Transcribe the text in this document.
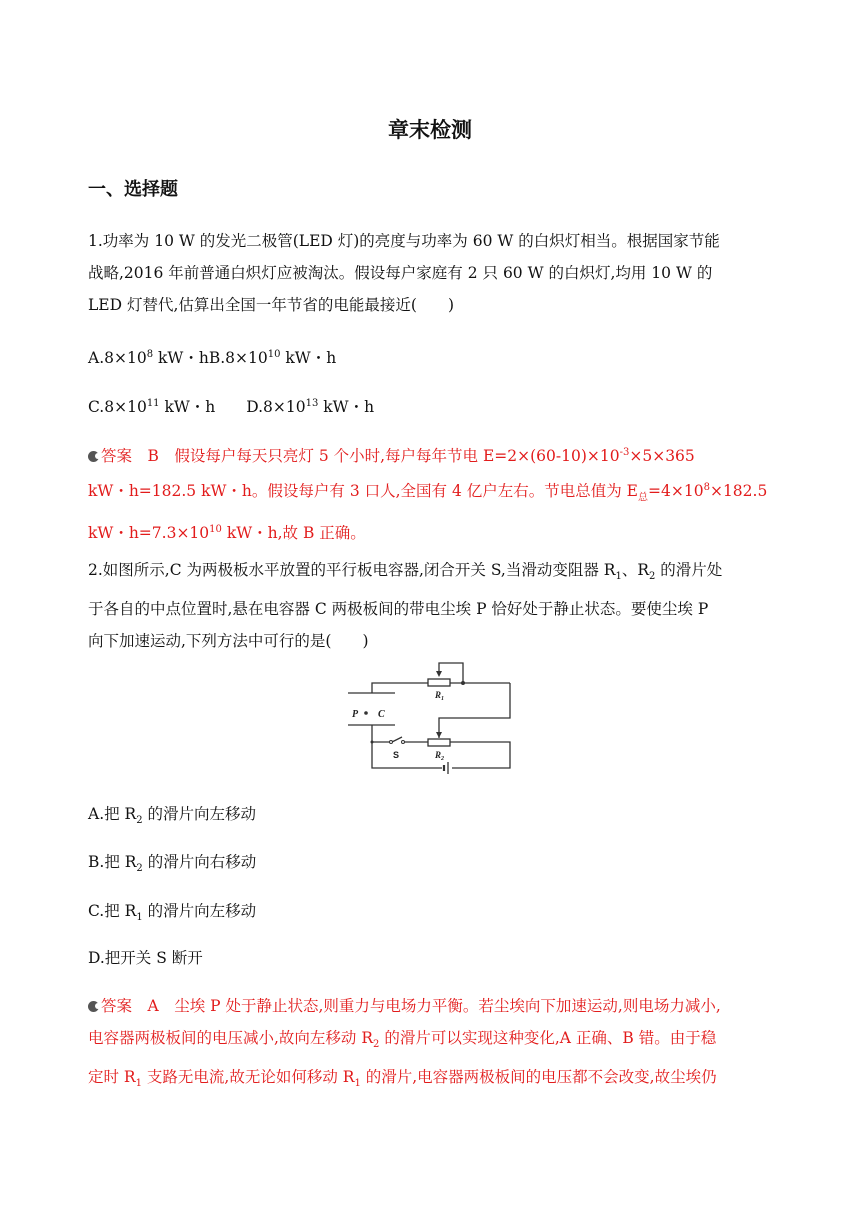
章末检测
一、选择题
1.功率为 10 W 的发光二极管(LED 灯)的亮度与功率为 60 W 的白炽灯相当。根据国家节能
战略,2016 年前普通白炽灯应被淘汰。假设每户家庭有 2 只 60 W 的白炽灯,均用 10 W 的
LED 灯替代,估算出全国一年节省的电能最接近(　　)
$A.8\times 10^8$ kW・$hB.8\times 10^{10}$ kW・h
$C.8\times 10^{11}$ kW・h $D.8\times 10^{13}$ kW・h
答案　B　假设每户每天只亮灯 5 个小时,每户每年节电 $E=2\times(60-10)\times 10^{-3}\times 5\times 365$
kW・h=182.5 kW・h。假设每户有 3 口人,全国有 4 亿户左右。节电总值为 $E_总=4\times 10^8\times 182.5$
kW・$h=7.3\times 10^{10}$ kW・h,故 B 正确。
2.如图所示,C 为两极板水平放置的平行板电容器,闭合开关 S,当滑动变阻器 $R_1$、$R_2$ 的滑片处
于各自的中点位置时,悬在电容器 C 两极板间的带电尘埃 P 恰好处于静止状态。要使尘埃 P
向下加速运动,下列方法中可行的是(　　)
P C
S
$R_1$
$R_2$
A.把 $R_2$ 的滑片向左移动
B.把 $R_2$ 的滑片向右移动
C.把 $R_1$ 的滑片向左移动
D.把开关 S 断开
答案　A　尘埃 P 处于静止状态,则重力与电场力平衡。若尘埃向下加速运动,则电场力减小,
电容器两极板间的电压减小,故向左移动 $R_2$ 的滑片可以实现这种变化,A 正确、B 错。由于稳
定时 $R_1$ 支路无电流,故无论如何移动 $R_1$ 的滑片,电容器两极板间的电压都不会改变,故尘埃仍
